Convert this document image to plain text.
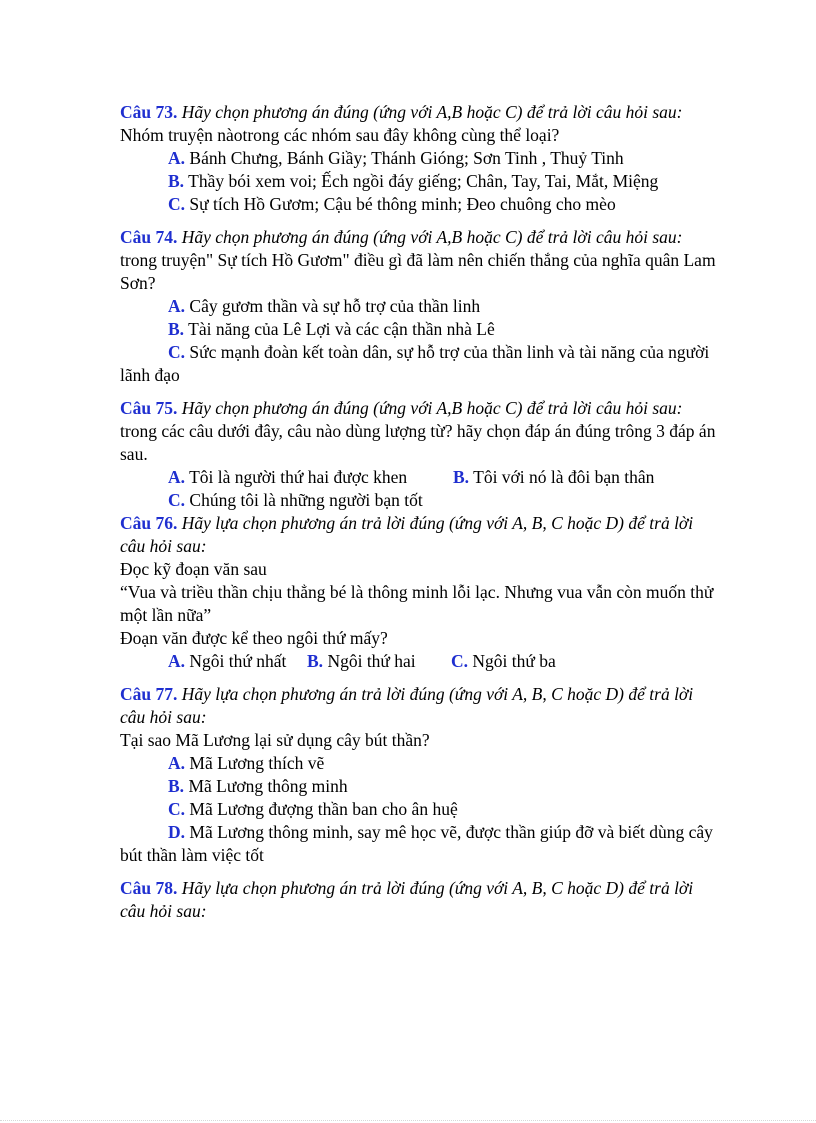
Câu 73. Hãy chọn phương án đúng (ứng với A,B hoặc C) để trả lời câu hỏi sau:
Nhóm truyện nàotrong các nhóm sau đây không cùng thể loại?
A. Bánh Chưng, Bánh Giầy; Thánh Gióng; Sơn Tinh , Thuỷ Tinh
B. Thầy bói xem voi; Ếch ngồi đáy giếng; Chân, Tay, Tai, Mắt, Miệng
C. Sự tích Hồ Gươm; Cậu bé thông minh; Đeo chuông cho mèo

Câu 74. Hãy chọn phương án đúng (ứng với A,B hoặc C) để trả lời câu hỏi sau:
trong truyện" Sự tích Hồ Gươm" điều gì đã làm nên chiến thắng của nghĩa quân Lam Sơn?
A. Cây gươm thần và sự hỗ trợ của thần linh
B. Tài năng của Lê Lợi và các cận thần nhà Lê
C. Sức mạnh đoàn kết toàn dân, sự hỗ trợ của thần linh và tài năng của người lãnh đạo

Câu 75. Hãy chọn phương án đúng (ứng với A,B hoặc C) để trả lời câu hỏi sau:
trong các câu dưới đây, câu nào dùng lượng từ? hãy chọn đáp án đúng trông 3 đáp án sau.
A. Tôi là người thứ hai được khen	B. Tôi với nó là đôi bạn thân
C. Chúng tôi là những người bạn tốt

Câu 76. Hãy lựa chọn phương án trả lời đúng (ứng với A, B, C hoặc D) để trả lời câu hỏi sau:
Đọc kỹ đoạn văn sau
“Vua và triều thần chịu thẳng bé là thông minh lỗi lạc. Nhưng vua vẫn còn muốn thử một lần nữa”
Đoạn văn được kể theo ngôi thứ mấy?
A. Ngôi thứ nhất B. Ngôi thứ hai C. Ngôi thứ ba

Câu 77. Hãy lựa chọn phương án trả lời đúng (ứng với A, B, C hoặc D) để trả lời câu hỏi sau:
Tại sao Mã Lương lại sử dụng cây bút thần?
A. Mã Lương thích vẽ
B. Mã Lương thông minh
C. Mã Lương đượng thần ban cho ân huệ
D. Mã Lương thông minh, say mê học vẽ, được thần giúp đỡ và biết dùng cây bút thần làm việc tốt

Câu 78. Hãy lựa chọn phương án trả lời đúng (ứng với A, B, C hoặc D) để trả lời câu hỏi sau:
